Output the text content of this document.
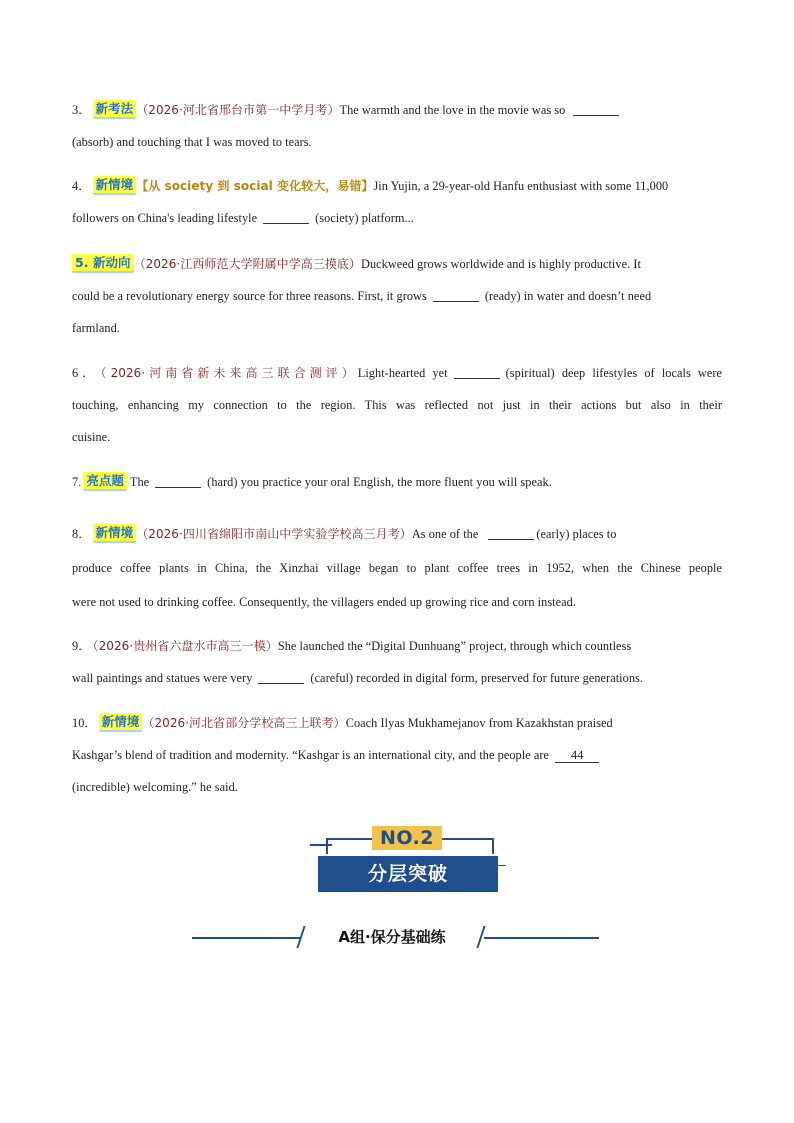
3． 新考法 （2026·河北省邢台市第一中学月考）The warmth and the love in the movie was so
(absorb) and touching that I was moved to tears.
4． 新情境 【从 society 到 social 变化较大，易错】Jin Yujin, a 29-year-old Hanfu enthusiast with some 11,000
followers on China's leading lifestyle	(society) platform...
5. 新动向 （2026·江西师范大学附属中学高三摸底）Duckweed grows worldwide and is highly productive. It
could be a revolutionary energy source for three reasons. First, it grows	(ready) in water and doesn’t need
farmland.
6． （2026·河南省新未来高三联合测评）Light-hearted yet	(spiritual) deep lifestyles of locals were
touching, enhancing my connection to the region. This was reflected not just in their actions but also in their
cuisine.
7. 亮点题 The	(hard) you practice your oral English, the more fluent you will speak.
8． 新情境 （2026·四川省绵阳市南山中学实验学校高三月考）As one of the	(early) places to
produce coffee plants in China, the Xinzhai village began to plant coffee trees in 1952, when the Chinese people
were not used to drinking coffee. Consequently, the villagers ended up growing rice and corn instead.
9． （2026·贵州省六盘水市高三一模）She launched the “Digital Dunhuang” project, through which countless
wall paintings and statues were very	(careful) recorded in digital form, preserved for future generations.
10． 新情境 （2026·河北省部分学校高三上联考）Coach Ilyas Mukhamejanov from Kazakhstan praised
Kashgar’s blend of tradition and modernity. “Kashgar is an international city, and the people are 44
(incredible) welcoming.” he said.
NO.2
分层突破
A组·保分基础练
